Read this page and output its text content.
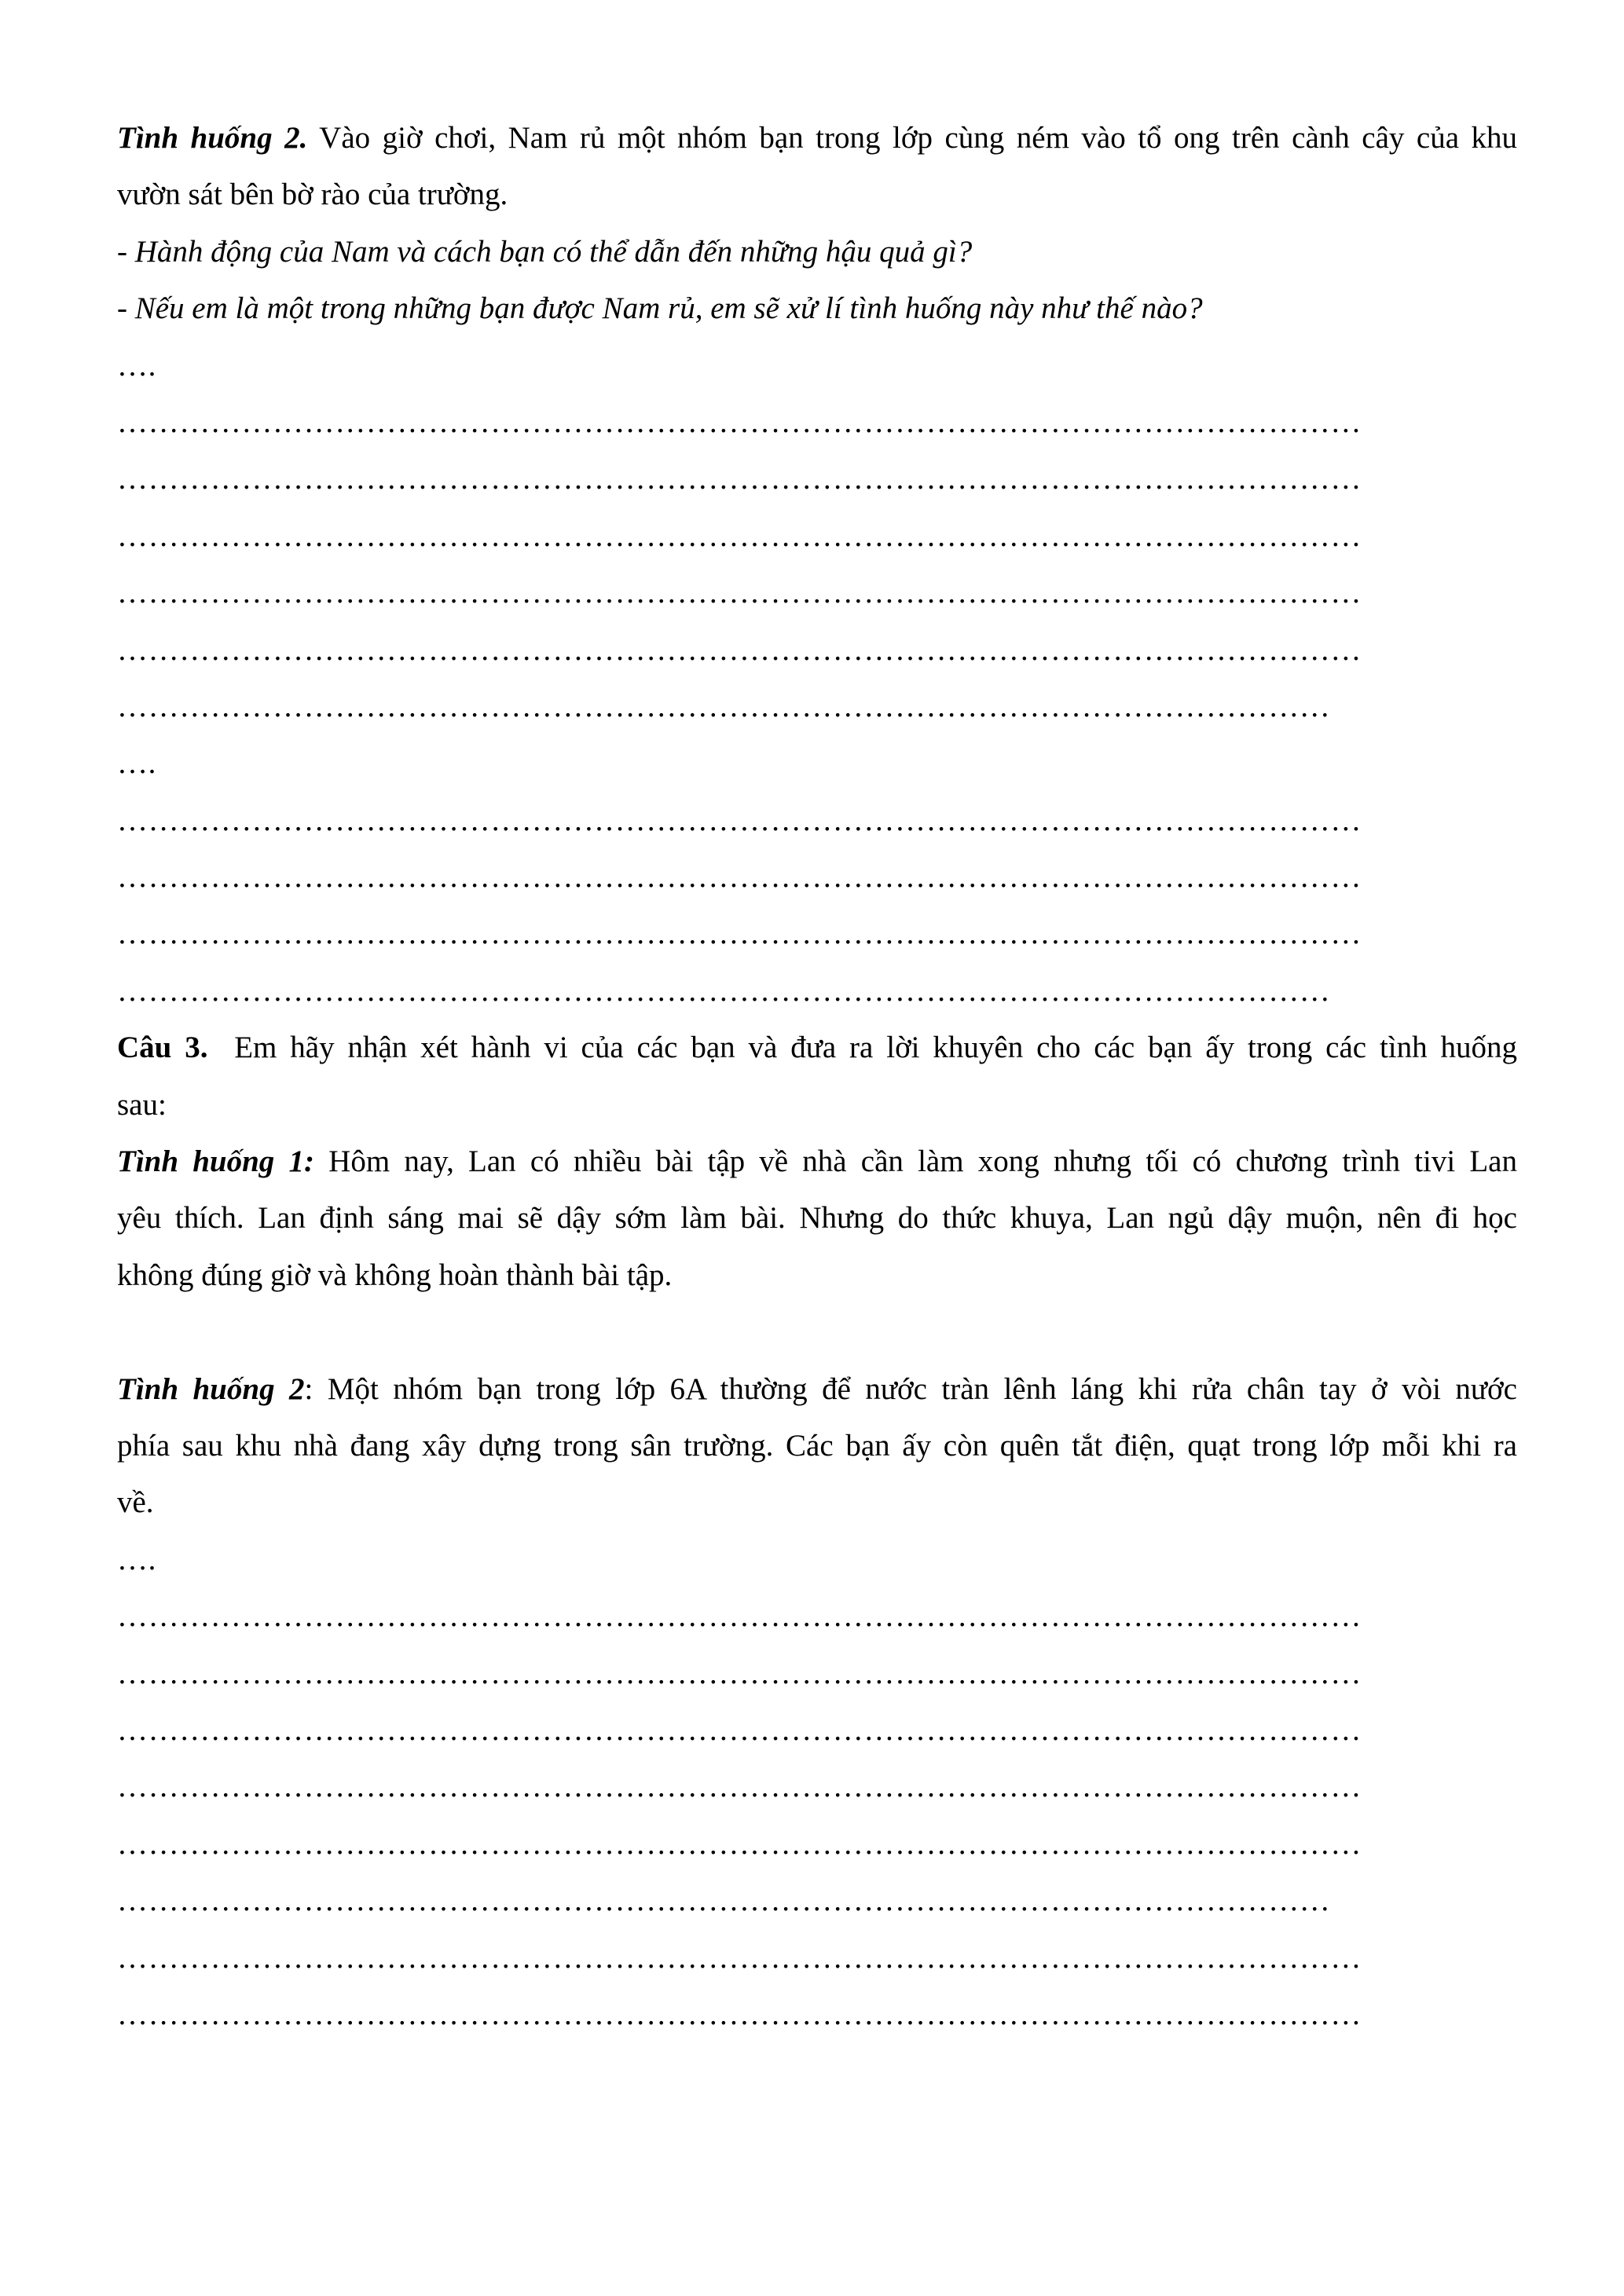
Tình huống 2. Vào giờ chơi, Nam rủ một nhóm bạn trong lớp cùng ném vào tổ ong trên cành cây của khu
vườn sát bên bờ rào của trường.
- Hành động của Nam và cách bạn có thể dẫn đến những hậu quả gì?
- Nếu em là một trong những bạn được Nam rủ, em sẽ xử lí tình huống này như thế nào?
….
…………………………………………………………………………………………………………
…………………………………………………………………………………………………………
…………………………………………………………………………………………………………
…………………………………………………………………………………………………………
…………………………………………………………………………………………………………
………………………………………………………………………………………………………
….
…………………………………………………………………………………………………………
…………………………………………………………………………………………………………
…………………………………………………………………………………………………………
………………………………………………………………………………………………………
Câu 3.  Em hãy nhận xét hành vi của các bạn và đưa ra lời khuyên cho các bạn ấy trong các tình huống
sau:
Tình huống 1: Hôm nay, Lan có nhiều bài tập về nhà cần làm xong nhưng tối có chương trình tivi Lan
yêu thích. Lan định sáng mai sẽ dậy sớm làm bài. Nhưng do thức khuya, Lan ngủ dậy muộn, nên đi học
không đúng giờ và không hoàn thành bài tập.
Tình huống 2: Một nhóm bạn trong lớp 6A thường để nước tràn lênh láng khi rửa chân tay ở vòi nước
phía sau khu nhà đang xây dựng trong sân trường. Các bạn ấy còn quên tắt điện, quạt trong lớp mỗi khi ra
về.
….
…………………………………………………………………………………………………………
…………………………………………………………………………………………………………
…………………………………………………………………………………………………………
…………………………………………………………………………………………………………
…………………………………………………………………………………………………………
………………………………………………………………………………………………………
…………………………………………………………………………………………………………
…………………………………………………………………………………………………………
